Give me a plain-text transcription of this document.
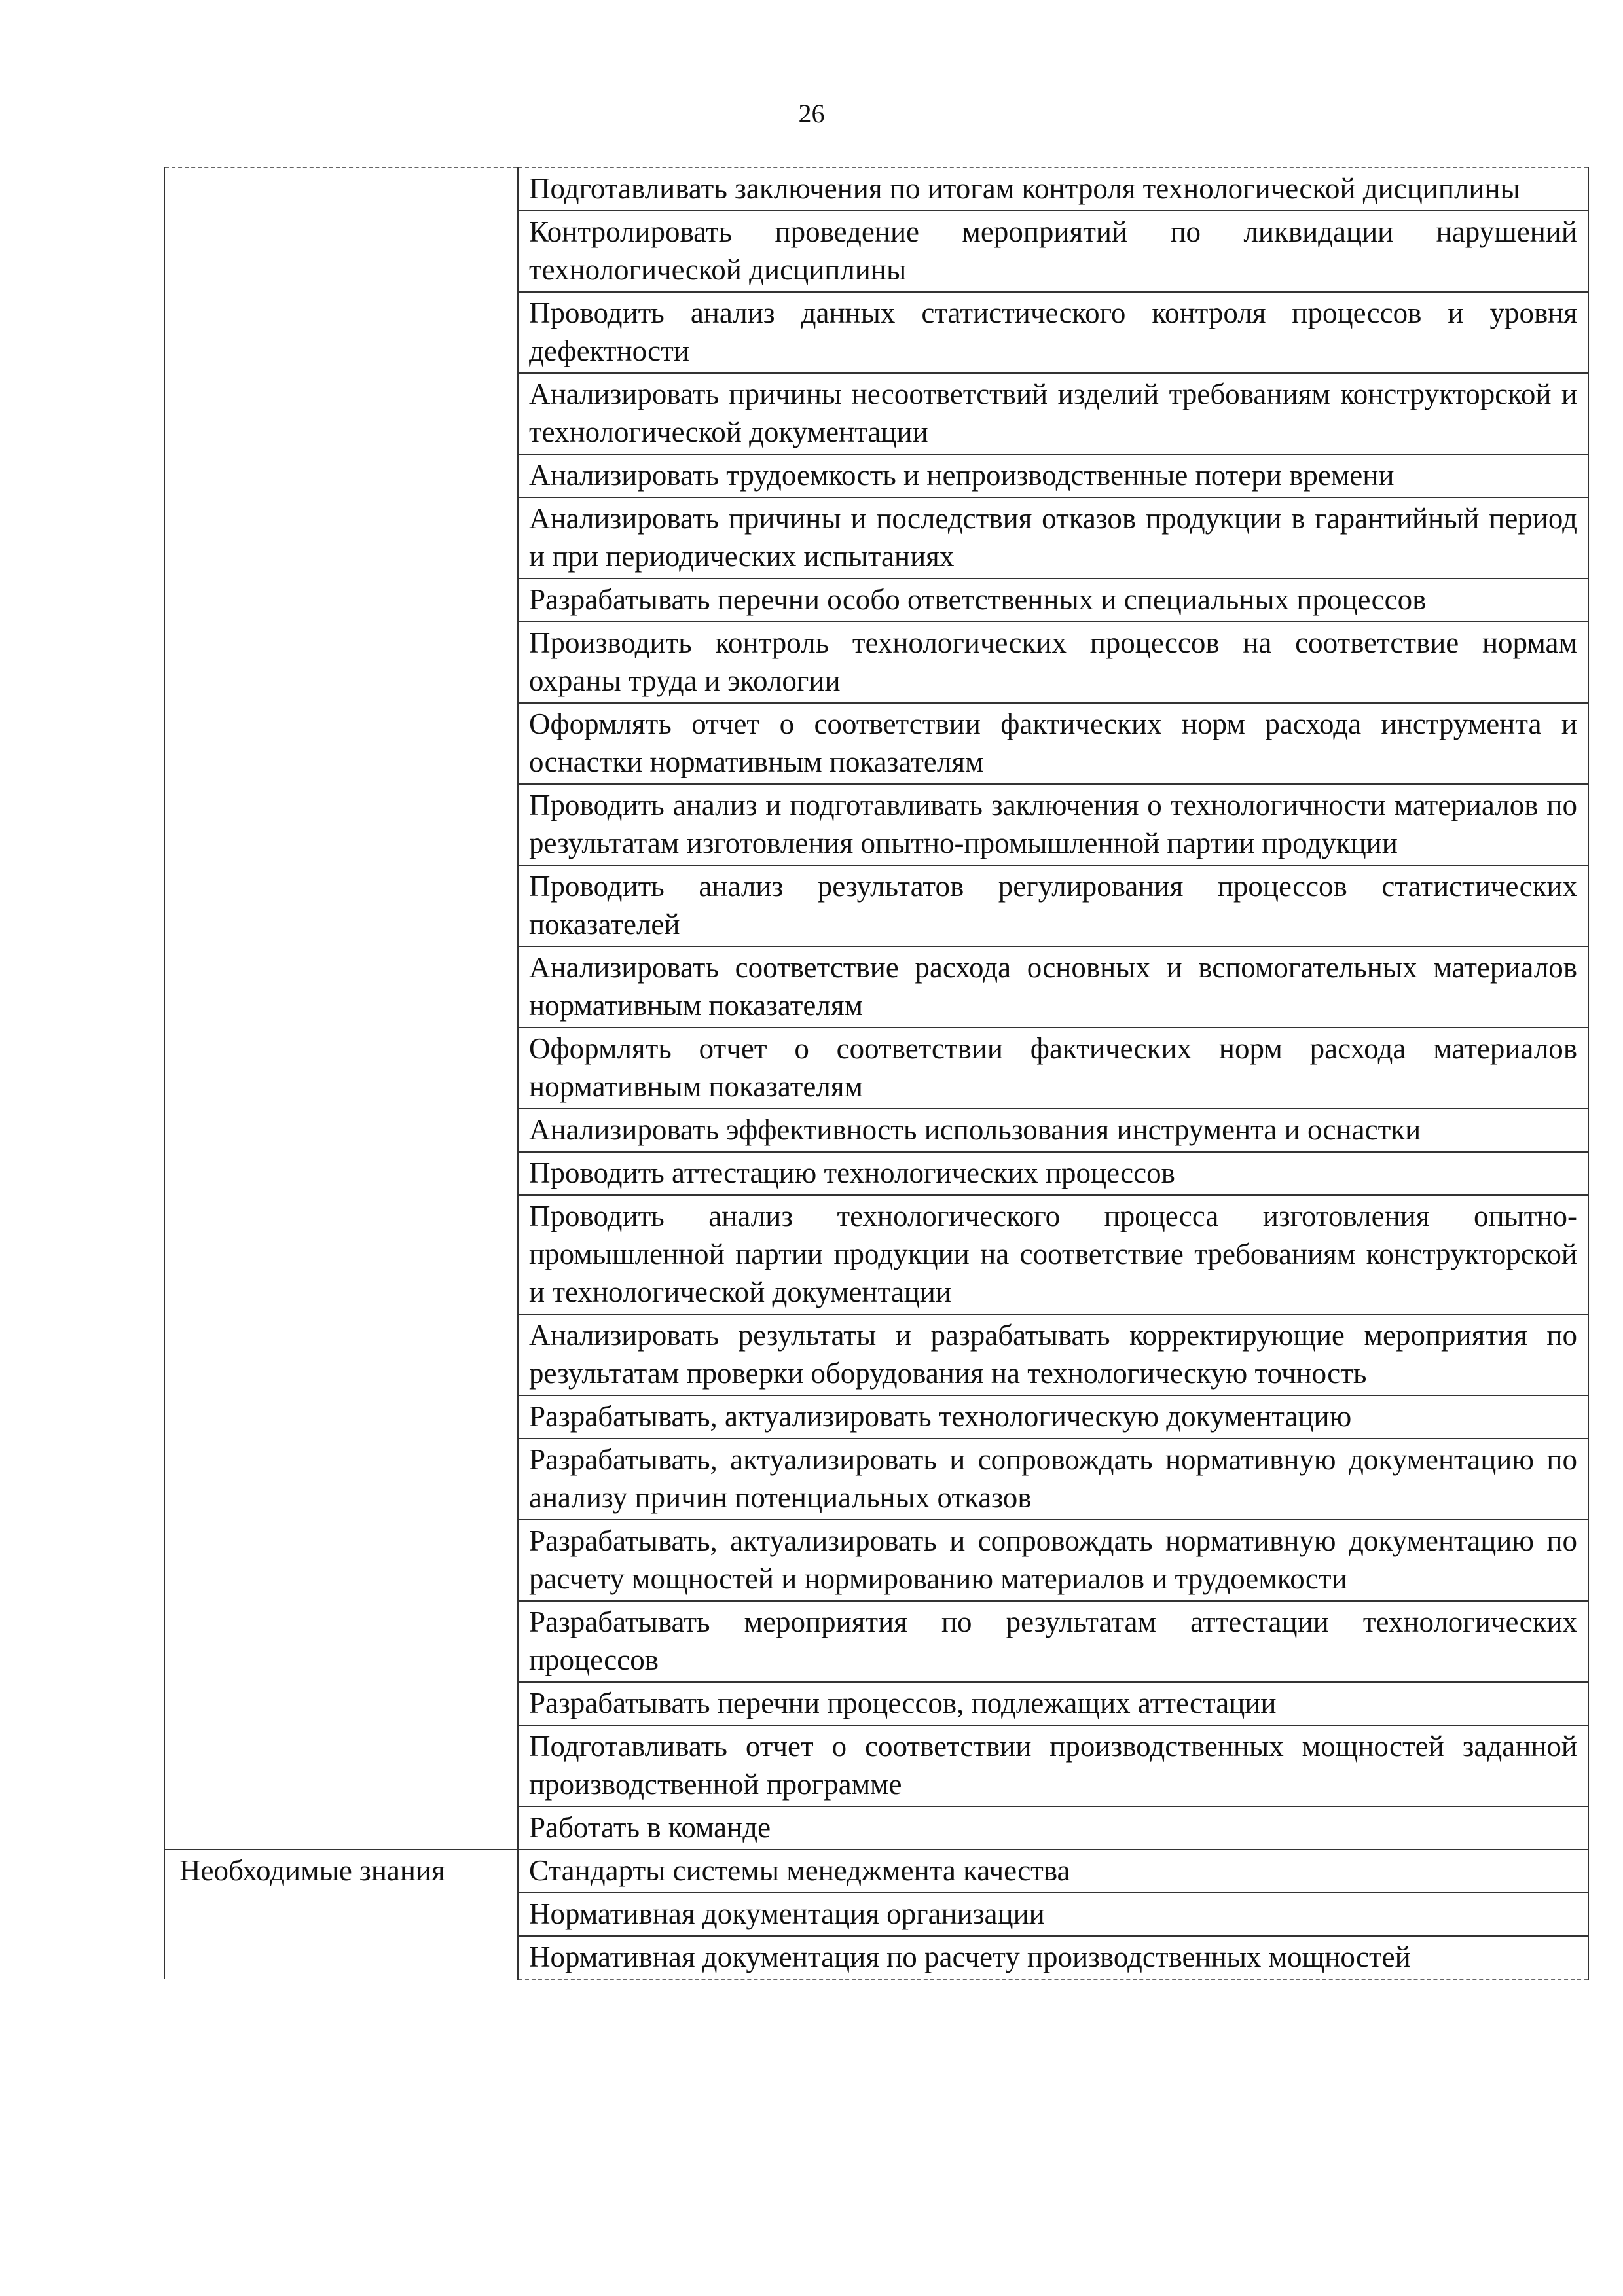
26
	Подготавливать заключения по итогам контроля технологической дисциплины
	Контролировать проведение мероприятий по ликвидации нарушений технологической дисциплины
	Проводить анализ данных статистического контроля процессов и уровня дефектности
	Анализировать причины несоответствий изделий требованиям конструкторской и технологической документации
	Анализировать трудоемкость и непроизводственные потери времени
	Анализировать причины и последствия отказов продукции в гарантийный период и при периодических испытаниях
	Разрабатывать перечни особо ответственных и специальных процессов
	Производить контроль технологических процессов на соответствие нормам охраны труда и экологии
	Оформлять отчет о соответствии фактических норм расхода инструмента и оснастки нормативным показателям
	Проводить анализ и подготавливать заключения о технологичности материалов по результатам изготовления опытно-промышленной партии продукции
	Проводить анализ результатов регулирования процессов статистических показателей
	Анализировать соответствие расхода основных и вспомогательных материалов нормативным показателям
	Оформлять отчет о соответствии фактических норм расхода материалов нормативным показателям
	Анализировать эффективность использования инструмента и оснастки
	Проводить аттестацию технологических процессов
	Проводить анализ технологического процесса изготовления опытно-промышленной партии продукции на соответствие требованиям конструкторской и технологической документации
	Анализировать результаты и разрабатывать корректирующие мероприятия по результатам проверки оборудования на технологическую точность
	Разрабатывать, актуализировать технологическую документацию
	Разрабатывать, актуализировать и сопровождать нормативную документацию по анализу причин потенциальных отказов
	Разрабатывать, актуализировать и сопровождать нормативную документацию по расчету мощностей и нормированию материалов и трудоемкости
	Разрабатывать мероприятия по результатам аттестации технологических процессов
	Разрабатывать перечни процессов, подлежащих аттестации
	Подготавливать отчет о соответствии производственных мощностей заданной производственной программе
	Работать в команде
Необходимые знания	Стандарты системы менеджмента качества
	Нормативная документация организации
	Нормативная документация по расчету производственных мощностей
